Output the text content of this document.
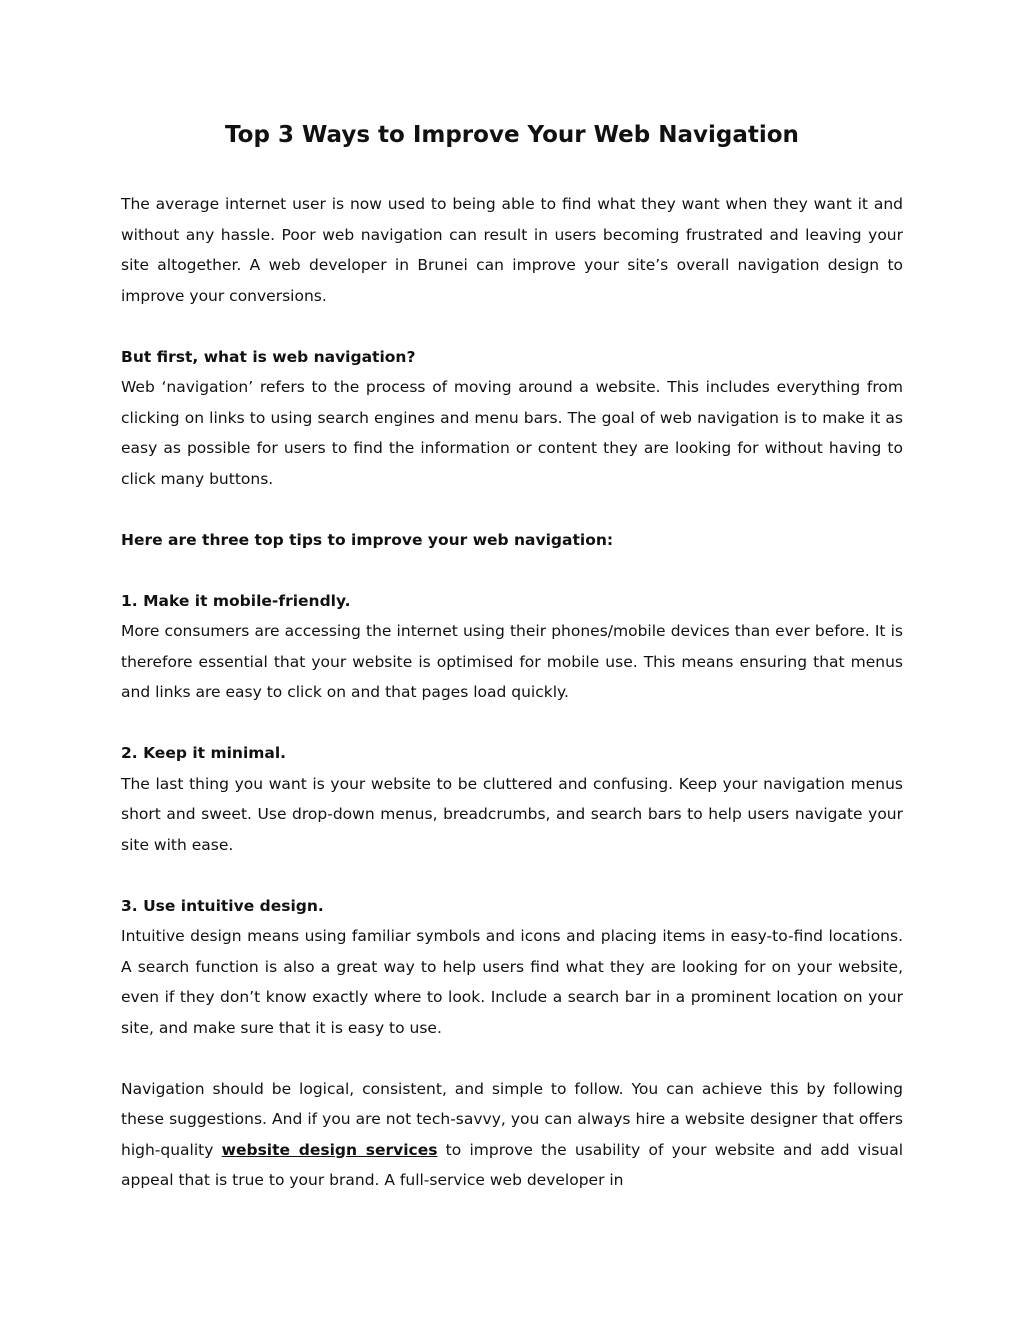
Top 3 Ways to Improve Your Web Navigation

The average internet user is now used to being able to find what they want when they want it and without any hassle. Poor web navigation can result in users becoming frustrated and leaving your site altogether. A web developer in Brunei can improve your site’s overall navigation design to improve your conversions.

But first, what is web navigation?
Web ‘navigation’ refers to the process of moving around a website. This includes everything from clicking on links to using search engines and menu bars. The goal of web navigation is to make it as easy as possible for users to find the information or content they are looking for without having to click many buttons.

Here are three top tips to improve your web navigation:

1. Make it mobile-friendly.
More consumers are accessing the internet using their phones/mobile devices than ever before. It is therefore essential that your website is optimised for mobile use. This means ensuring that menus and links are easy to click on and that pages load quickly.

2. Keep it minimal.
The last thing you want is your website to be cluttered and confusing. Keep your navigation menus short and sweet. Use drop-down menus, breadcrumbs, and search bars to help users navigate your site with ease.

3. Use intuitive design.
Intuitive design means using familiar symbols and icons and placing items in easy-to-find locations. A search function is also a great way to help users find what they are looking for on your website, even if they don’t know exactly where to look. Include a search bar in a prominent location on your site, and make sure that it is easy to use.

Navigation should be logical, consistent, and simple to follow. You can achieve this by following these suggestions. And if you are not tech-savvy, you can always hire a website designer that offers high-quality website design services to improve the usability of your website and add visual appeal that is true to your brand. A full-service web developer in
